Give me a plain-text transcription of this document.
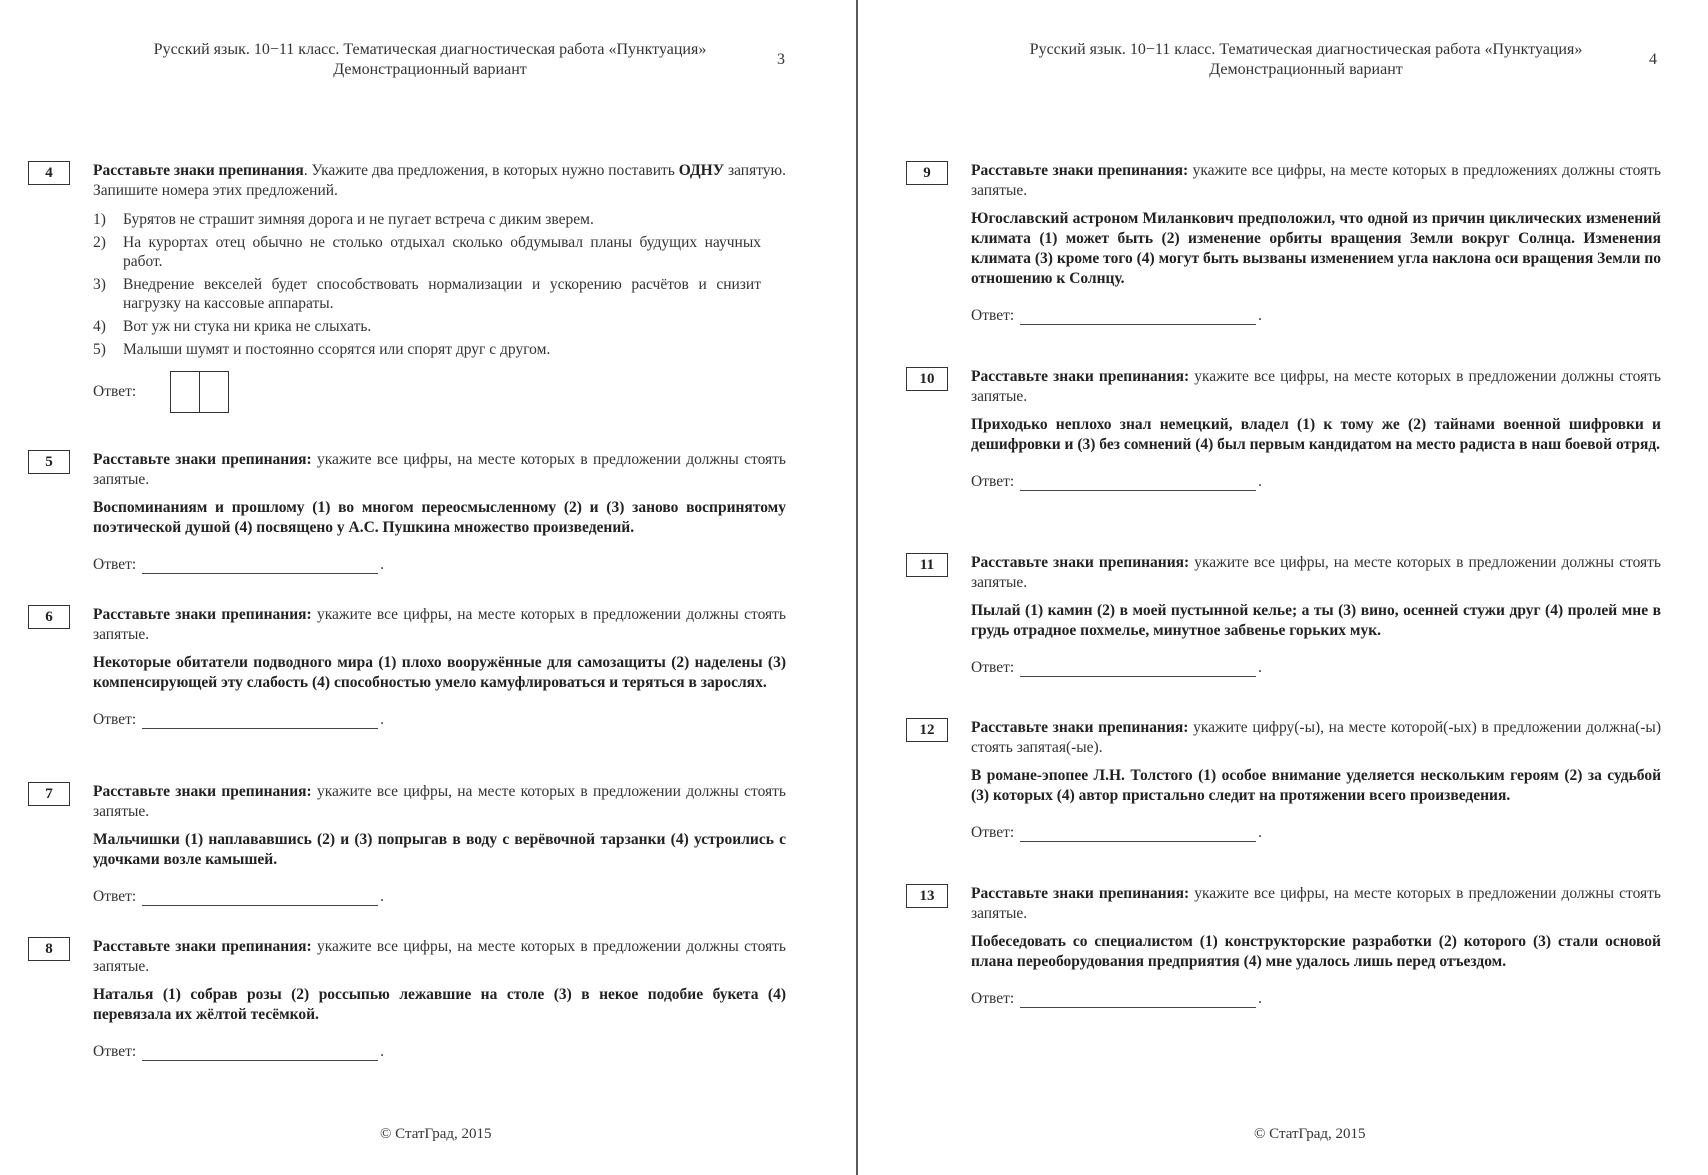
Русский язык. 10−11 класс. Тематическая диагностическая работа «Пунктуация»
Демонстрационный вариант
3
4	Расставьте знаки препинания. Укажите два предложения, в которых нужно поставить ОДНУ запятую. Запишите номера этих предложений.

1) Бурятов не страшит зимняя дорога и не пугает встреча с диким зверем.
2) На курортах отец обычно не столько отдыхал сколько обдумывал планы будущих научных работ.
3) Внедрение векселей будет способствовать нормализации и ускорению расчётов и снизит нагрузку на кассовые аппараты.
4) Вот уж ни стука ни крика не слыхать.
5) Малыши шумят и постоянно ссорятся или спорят друг с другом.
Ответ:
5	Расставьте знаки препинания: укажите все цифры, на месте которых в предложении должны стоять запятые.

Воспоминаниям и прошлому (1) во многом переосмысленному (2) и (3) заново воспринятому поэтической душой (4) посвящено у А.С. Пушкина множество произведений.

Ответ:	.
6	Расставьте знаки препинания: укажите все цифры, на месте которых в предложении должны стоять запятые.

Некоторые обитатели подводного мира (1) плохо вооружённые для самозащиты (2) наделены (3) компенсирующей эту слабость (4) способностью умело камуфлироваться и теряться в зарослях.

Ответ:	.
7	Расставьте знаки препинания: укажите все цифры, на месте которых в предложении должны стоять запятые.

Мальчишки (1) наплававшись (2) и (3) попрыгав в воду с верёвочной тарзанки (4) устроились с удочками возле камышей.

Ответ:	.
8	Расставьте знаки препинания: укажите все цифры, на месте которых в предложении должны стоять запятые.

Наталья (1) собрав розы (2) россыпью лежавшие на столе (3) в некое подобие букета (4) перевязала их жёлтой тесёмкой.

Ответ:	.
© СтатГрад, 2015
Русский язык. 10−11 класс. Тематическая диагностическая работа «Пунктуация»
Демонстрационный вариант
4
9	Расставьте знаки препинания: укажите все цифры, на месте которых в предложениях должны стоять запятые.

Югославский астроном Миланкович предположил, что одной из причин циклических изменений климата (1) может быть (2) изменение орбиты вращения Земли вокруг Солнца. Изменения климата (3) кроме того (4) могут быть вызваны изменением угла наклона оси вращения Земли по отношению к Солнцу.

Ответ:	.
10	Расставьте знаки препинания: укажите все цифры, на месте которых в предложении должны стоять запятые.

Приходько неплохо знал немецкий, владел (1) к тому же (2) тайнами военной шифровки и дешифровки и (3) без сомнений (4) был первым кандидатом на место радиста в наш боевой отряд.

Ответ:	.
11	Расставьте знаки препинания: укажите все цифры, на месте которых в предложении должны стоять запятые.

Пылай (1) камин (2) в моей пустынной келье; а ты (3) вино, осенней стужи друг (4) пролей мне в грудь отрадное похмелье, минутное забвенье горьких мук.

Ответ:	.
12	Расставьте знаки препинания: укажите цифру(-ы), на месте которой(-ых) в предложении должна(-ы) стоять запятая(-ые).

В романе-эпопее Л.Н. Толстого (1) особое внимание уделяется нескольким героям (2) за судьбой (3) которых (4) автор пристально следит на протяжении всего произведения.

Ответ:	.
13	Расставьте знаки препинания: укажите все цифры, на месте которых в предложении должны стоять запятые.

Побеседовать со специалистом (1) конструкторские разработки (2) которого (3) стали основой плана переоборудования предприятия (4) мне удалось лишь перед отъездом.

Ответ:	.
© СтатГрад, 2015
